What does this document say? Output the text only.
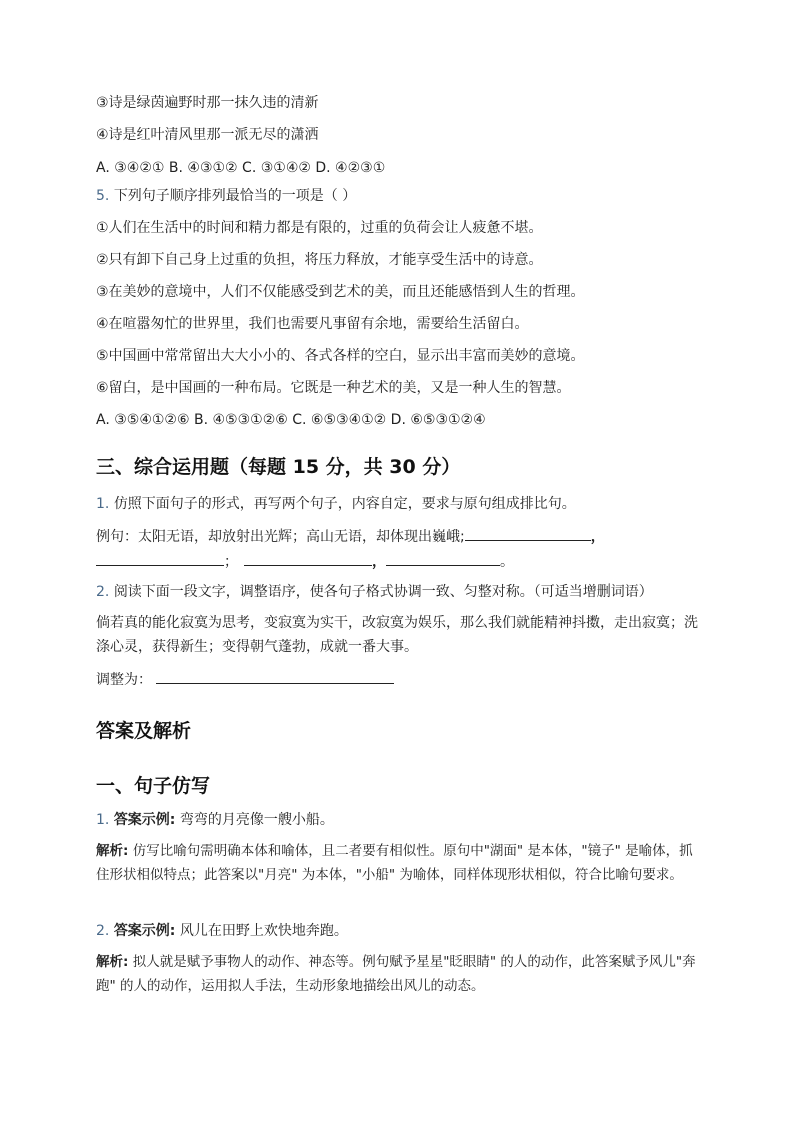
③诗是绿茵遍野时那一抹久违的清新
④诗是红叶清风里那一派无尽的潇洒
A. ③④②① B. ④③①② C. ③①④② D. ④②③①
5. 下列句子顺序排列最恰当的一项是（ ）
①人们在生活中的时间和精力都是有限的，过重的负荷会让人疲惫不堪。
②只有卸下自己身上过重的负担，将压力释放，才能享受生活中的诗意。
③在美妙的意境中，人们不仅能感受到艺术的美，而且还能感悟到人生的哲理。
④在喧嚣匆忙的世界里，我们也需要凡事留有余地，需要给生活留白。
⑤中国画中常常留出大大小小的、各式各样的空白，显示出丰富而美妙的意境。
⑥留白，是中国画的一种布局。它既是一种艺术的美，又是一种人生的智慧。
A. ③⑤④①②⑥ B. ④⑤③①②⑥ C. ⑥⑤③④①② D. ⑥⑤③①②④
三、综合运用题（每题 15 分，共 30 分）
1. 仿照下面句子的形式，再写两个句子，内容自定，要求与原句组成排比句。
例句：太阳无语，却放射出光辉；高山无语，却体现出巍峨;	，
；	，	。
2. 阅读下面一段文字，调整语序，使各句子格式协调一致、匀整对称。（可适当增删词语）
倘若真的能化寂寞为思考，变寂寞为实干，改寂寞为娱乐，那么我们就能精神抖擞，走出寂寞；洗涤心灵，获得新生；变得朝气蓬勃，成就一番大事。
调整为：
答案及解析
一、句子仿写
1. 答案示例: 弯弯的月亮像一艘小船。
解析: 仿写比喻句需明确本体和喻体，且二者要有相似性。原句中"湖面" 是本体，"镜子" 是喻体，抓住形状相似特点；此答案以"月亮" 为本体，"小船" 为喻体，同样体现形状相似，符合比喻句要求。
2. 答案示例: 风儿在田野上欢快地奔跑。
解析: 拟人就是赋予事物人的动作、神态等。例句赋予星星"眨眼睛" 的人的动作，此答案赋予风儿"奔跑" 的人的动作，运用拟人手法，生动形象地描绘出风儿的动态。
